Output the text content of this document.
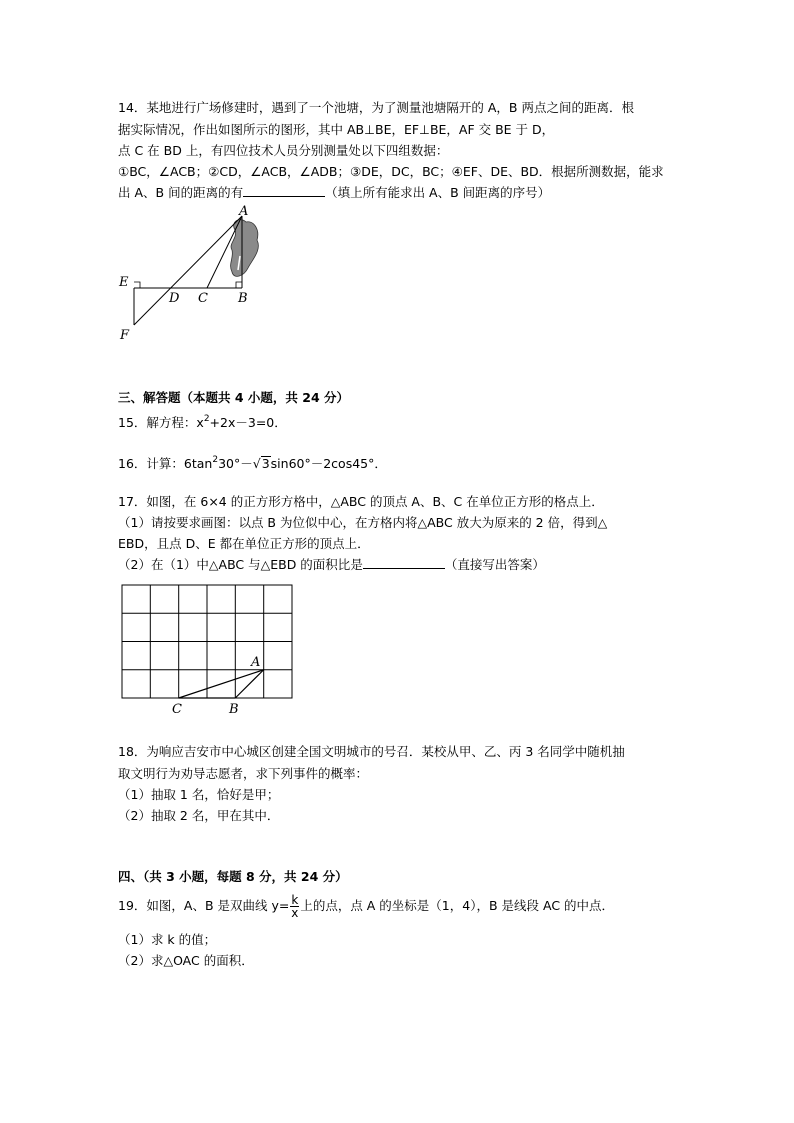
14．某地进行广场修建时，遇到了一个池塘，为了测量池塘隔开的 A，B 两点之间的距离．根
据实际情况，作出如图所示的图形，其中 AB⊥BE，EF⊥BE，AF 交 BE 于 D，
点 C 在 BD 上，有四位技术人员分别测量处以下四组数据：
①BC，∠ACB；②CD，∠ACB，∠ADB；③DE，DC，BC；④EF、DE、BD．根据所测数据，能求
出 A、B 间的距离的有	（填上所有能求出 A、B 间距离的序号）
A
E
D C B
F
三、解答题（本题共 4 小题，共 24 分）
15．解方程：$x^2+2x-3=0$．
16．计算：$6\tan^230^\circ-√3\sin 60^\circ-2\cos 45^\circ$．
17．如图，在 6×4 的正方形方格中，△ABC 的顶点 A、B、C 在单位正方形的格点上．
（1）请按要求画图：以点 B 为位似中心，在方格内将△ABC 放大为原来的 2 倍，得到△
EBD，且点 D、E 都在单位正方形的顶点上．
（2）在（1）中△ABC 与△EBD 的面积比是	（直接写出答案）
A
C	B
18．为响应吉安市中心城区创建全国文明城市的号召．某校从甲、乙、丙 3 名同学中随机抽
取文明行为劝导志愿者，求下列事件的概率：
（1）抽取 1 名，恰好是甲；
（2）抽取 2 名，甲在其中．
四、（共 3 小题，每题 8 分，共 24 分）
19．如图，A、B 是双曲线 $y= \frac{k}{x}$ 上的点，点 A 的坐标是（1，4），B 是线段 AC 的中点．
（1）求 k 的值；
（2）求△OAC 的面积．
